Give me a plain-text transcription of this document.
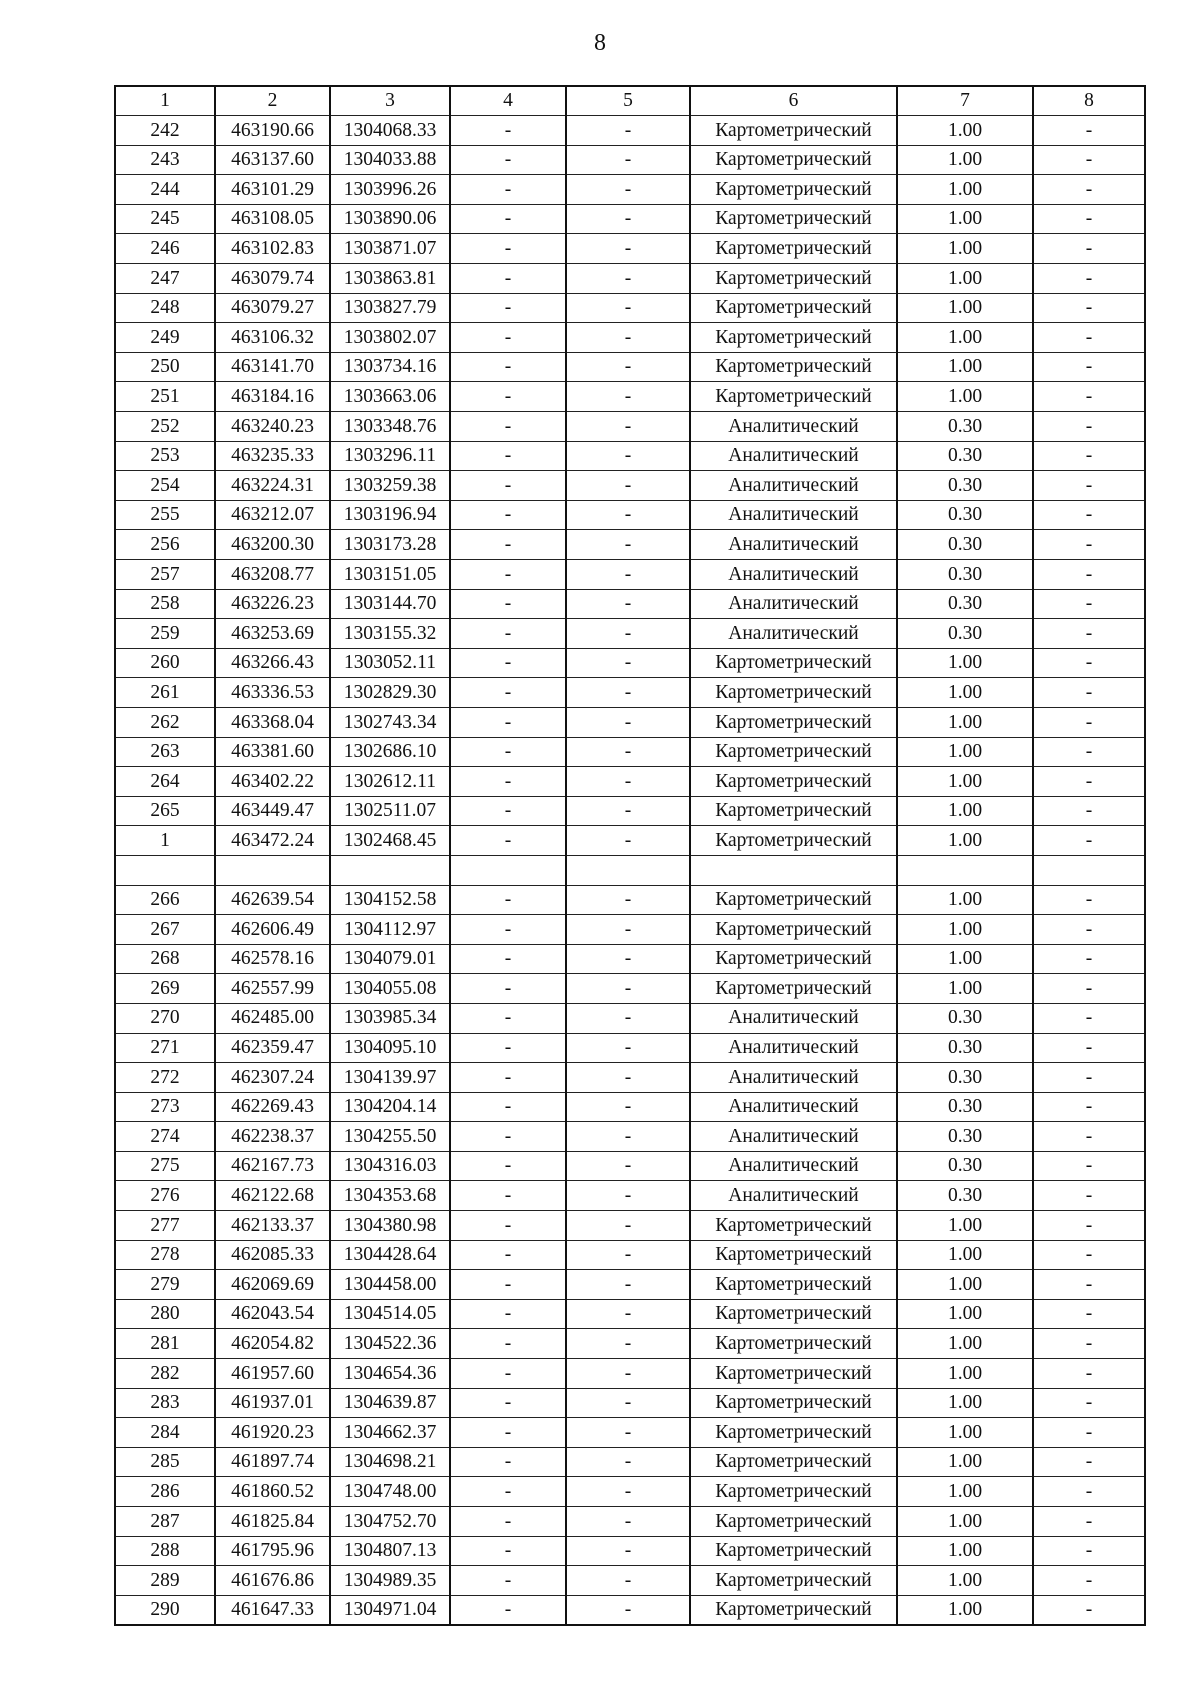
8
1	2	3	4	5	6	7	8
242	463190.66	1304068.33	-	-	Картометрический	1.00	-
243	463137.60	1304033.88	-	-	Картометрический	1.00	-
244	463101.29	1303996.26	-	-	Картометрический	1.00	-
245	463108.05	1303890.06	-	-	Картометрический	1.00	-
246	463102.83	1303871.07	-	-	Картометрический	1.00	-
247	463079.74	1303863.81	-	-	Картометрический	1.00	-
248	463079.27	1303827.79	-	-	Картометрический	1.00	-
249	463106.32	1303802.07	-	-	Картометрический	1.00	-
250	463141.70	1303734.16	-	-	Картометрический	1.00	-
251	463184.16	1303663.06	-	-	Картометрический	1.00	-
252	463240.23	1303348.76	-	-	Аналитический	0.30	-
253	463235.33	1303296.11	-	-	Аналитический	0.30	-
254	463224.31	1303259.38	-	-	Аналитический	0.30	-
255	463212.07	1303196.94	-	-	Аналитический	0.30	-
256	463200.30	1303173.28	-	-	Аналитический	0.30	-
257	463208.77	1303151.05	-	-	Аналитический	0.30	-
258	463226.23	1303144.70	-	-	Аналитический	0.30	-
259	463253.69	1303155.32	-	-	Аналитический	0.30	-
260	463266.43	1303052.11	-	-	Картометрический	1.00	-
261	463336.53	1302829.30	-	-	Картометрический	1.00	-
262	463368.04	1302743.34	-	-	Картометрический	1.00	-
263	463381.60	1302686.10	-	-	Картометрический	1.00	-
264	463402.22	1302612.11	-	-	Картометрический	1.00	-
265	463449.47	1302511.07	-	-	Картометрический	1.00	-
1	463472.24	1302468.45	-	-	Картометрический	1.00	-

266	462639.54	1304152.58	-	-	Картометрический	1.00	-
267	462606.49	1304112.97	-	-	Картометрический	1.00	-
268	462578.16	1304079.01	-	-	Картометрический	1.00	-
269	462557.99	1304055.08	-	-	Картометрический	1.00	-
270	462485.00	1303985.34	-	-	Аналитический	0.30	-
271	462359.47	1304095.10	-	-	Аналитический	0.30	-
272	462307.24	1304139.97	-	-	Аналитический	0.30	-
273	462269.43	1304204.14	-	-	Аналитический	0.30	-
274	462238.37	1304255.50	-	-	Аналитический	0.30	-
275	462167.73	1304316.03	-	-	Аналитический	0.30	-
276	462122.68	1304353.68	-	-	Аналитический	0.30	-
277	462133.37	1304380.98	-	-	Картометрический	1.00	-
278	462085.33	1304428.64	-	-	Картометрический	1.00	-
279	462069.69	1304458.00	-	-	Картометрический	1.00	-
280	462043.54	1304514.05	-	-	Картометрический	1.00	-
281	462054.82	1304522.36	-	-	Картометрический	1.00	-
282	461957.60	1304654.36	-	-	Картометрический	1.00	-
283	461937.01	1304639.87	-	-	Картометрический	1.00	-
284	461920.23	1304662.37	-	-	Картометрический	1.00	-
285	461897.74	1304698.21	-	-	Картометрический	1.00	-
286	461860.52	1304748.00	-	-	Картометрический	1.00	-
287	461825.84	1304752.70	-	-	Картометрический	1.00	-
288	461795.96	1304807.13	-	-	Картометрический	1.00	-
289	461676.86	1304989.35	-	-	Картометрический	1.00	-
290	461647.33	1304971.04	-	-	Картометрический	1.00	-
